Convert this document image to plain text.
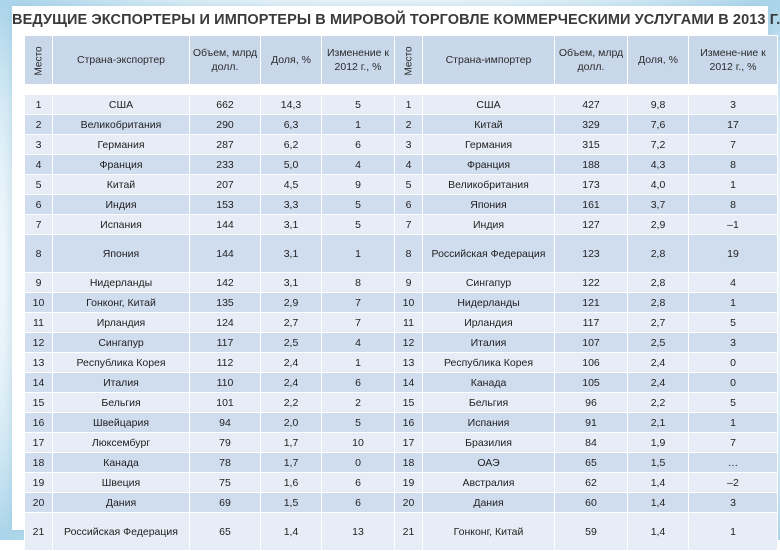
ВЕДУЩИЕ ЭКСПОРТЕРЫ И ИМПОРТЕРЫ В МИРОВОЙ ТОРГОВЛЕ КОММЕРЧЕСКИМИ УСЛУГАМИ В 2013 Г.
Место	Страна-экспортер	Объем, млрд долл.	Доля, %	Изменение к 2012 г., %	Место	Страна-импортер	Объем, млрд долл.	Доля, %	Измене-ние к 2012 г., %

1	США	662	14,3	5	1	США	427	9,8	3
2	Великобритания	290	6,3	1	2	Китай	329	7,6	17
3	Германия	287	6,2	6	3	Германия	315	7,2	7
4	Франция	233	5,0	4	4	Франция	188	4,3	8
5	Китай	207	4,5	9	5	Великобритания	173	4,0	1
6	Индия	153	3,3	5	6	Япония	161	3,7	8
7	Испания	144	3,1	5	7	Индия	127	2,9	–1
8	Япония	144	3,1	1	8	Российская Федерация	123	2,8	19
9	Нидерланды	142	3,1	8	9	Сингапур	122	2,8	4
10	Гонконг, Китай	135	2,9	7	10	Нидерланды	121	2,8	1
11	Ирландия	124	2,7	7	11	Ирландия	117	2,7	5
12	Сингапур	117	2,5	4	12	Италия	107	2,5	3
13	Республика Корея	112	2,4	1	13	Республика Корея	106	2,4	0
14	Италия	110	2,4	6	14	Канада	105	2,4	0
15	Бельгия	101	2,2	2	15	Бельгия	96	2,2	5
16	Швейцария	94	2,0	5	16	Испания	91	2,1	1
17	Люксембург	79	1,7	10	17	Бразилия	84	1,9	7
18	Канада	78	1,7	0	18	ОАЭ	65	1,5	…
19	Швеция	75	1,6	6	19	Австралия	62	1,4	–2
20	Дания	69	1,5	6	20	Дания	60	1,4	3
21	Российская Федерация	65	1,4	13	21	Гонконг, Китай	59	1,4	1
